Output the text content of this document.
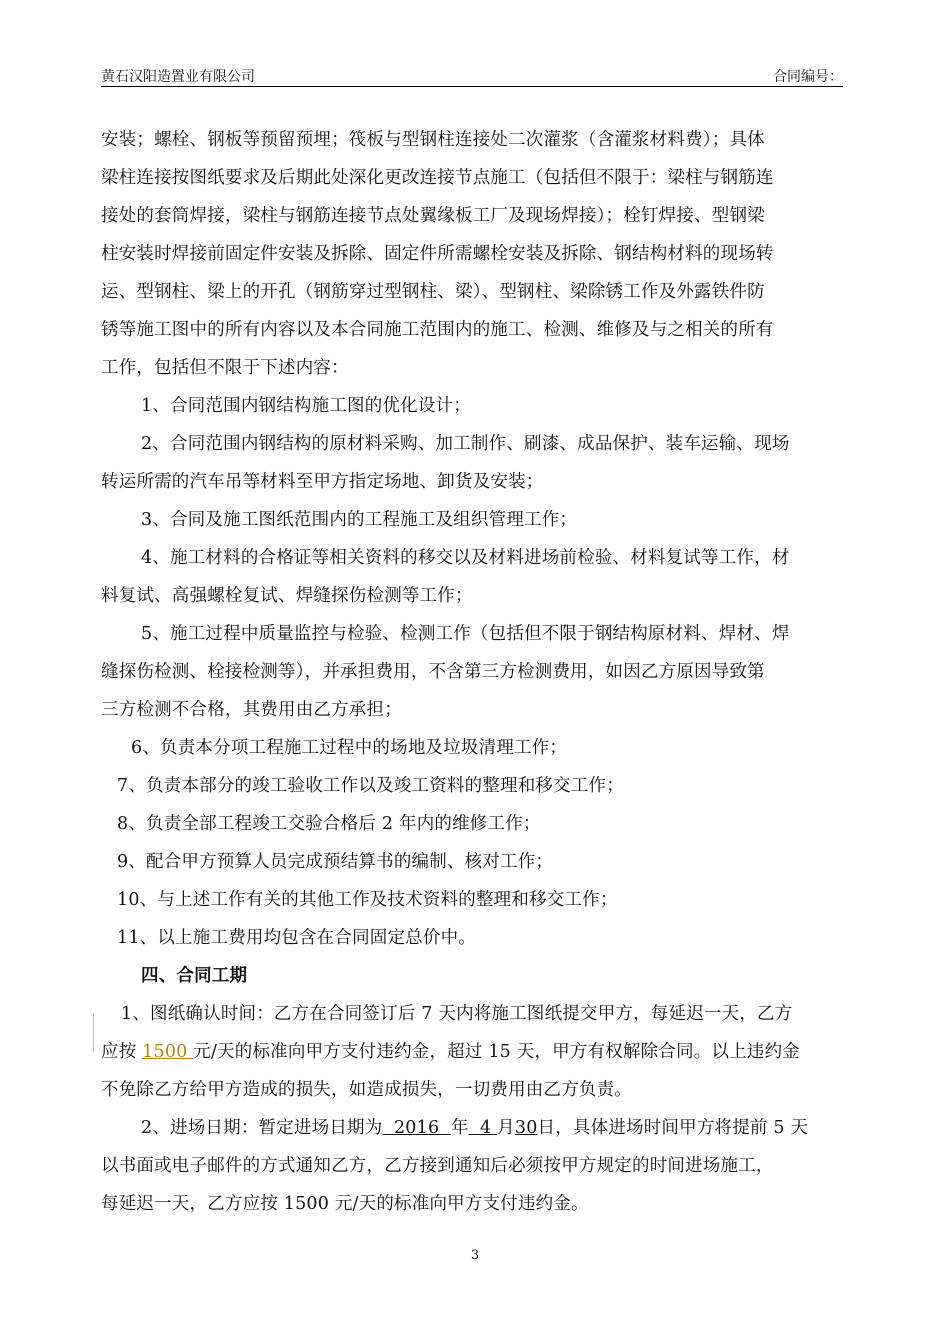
黄石汉阳造置业有限公司	合同编号：
安装；螺栓、钢板等预留预埋；筏板与型钢柱连接处二次灌浆（含灌浆材料费）；具体
梁柱连接按图纸要求及后期此处深化更改连接节点施工（包括但不限于：梁柱与钢筋连
接处的套筒焊接，梁柱与钢筋连接节点处翼缘板工厂及现场焊接）；栓钉焊接、型钢梁
柱安装时焊接前固定件安装及拆除、固定件所需螺栓安装及拆除、钢结构材料的现场转
运、型钢柱、梁上的开孔（钢筋穿过型钢柱、梁）、型钢柱、梁除锈工作及外露铁件防
锈等施工图中的所有内容以及本合同施工范围内的施工、检测、维修及与之相关的所有
工作，包括但不限于下述内容：
1、合同范围内钢结构施工图的优化设计；
2、合同范围内钢结构的原材料采购、加工制作、刷漆、成品保护、装车运输、现场
转运所需的汽车吊等材料至甲方指定场地、卸货及安装；
3、合同及施工图纸范围内的工程施工及组织管理工作；
4、施工材料的合格证等相关资料的移交以及材料进场前检验、材料复试等工作，材
料复试、高强螺栓复试、焊缝探伤检测等工作；
5、施工过程中质量监控与检验、检测工作（包括但不限于钢结构原材料、焊材、焊
缝探伤检测、栓接检测等），并承担费用，不含第三方检测费用，如因乙方原因导致第
三方检测不合格，其费用由乙方承担；
6、负责本分项工程施工过程中的场地及垃圾清理工作；
7、负责本部分的竣工验收工作以及竣工资料的整理和移交工作；
8、负责全部工程竣工交验合格后 2 年内的维修工作；
9、配合甲方预算人员完成预结算书的编制、核对工作；
10、与上述工作有关的其他工作及技术资料的整理和移交工作；
11、以上施工费用均包含在合同固定总价中。
四、合同工期
1、图纸确认时间：乙方在合同签订后 7 天内将施工图纸提交甲方，每延迟一天，乙方
应按 1500 元/天的标准向甲方支付违约金，超过 15 天，甲方有权解除合同。以上违约金
不免除乙方给甲方造成的损失，如造成损失，一切费用由乙方负责。
2、进场日期：暂定进场日期为  2016  年  4 月30日，具体进场时间甲方将提前 5 天
以书面或电子邮件的方式通知乙方，乙方接到通知后必须按甲方规定的时间进场施工，
每延迟一天，乙方应按 1500 元/天的标准向甲方支付违约金。
3
